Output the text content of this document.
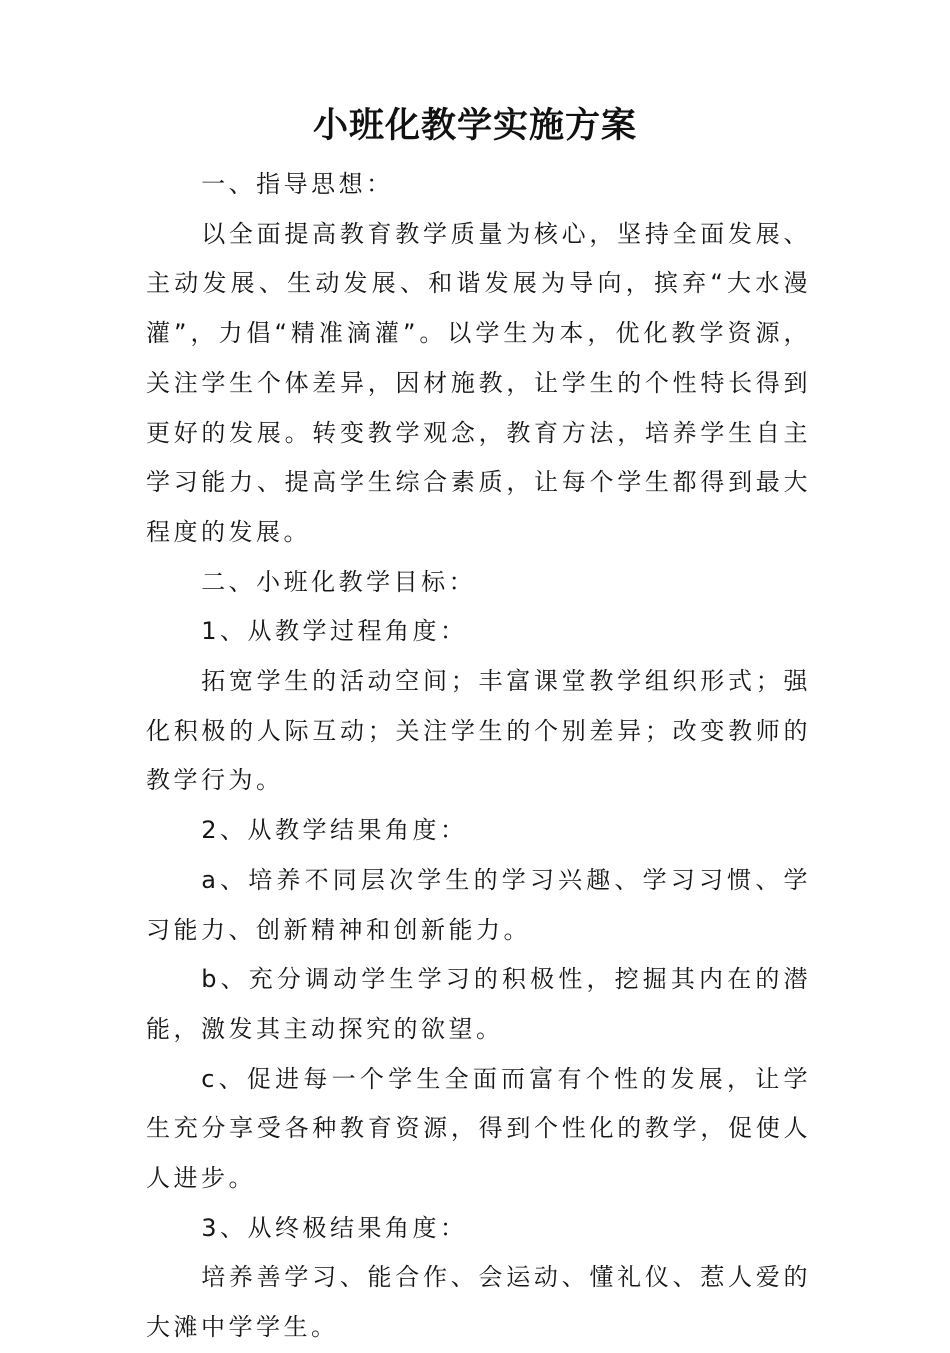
小班化教学实施方案

一、指导思想：

以全面提高教育教学质量为核心，坚持全面发展、主动发展、生动发展、和谐发展为导向，摈弃“大水漫灌”，力倡“精准滴灌”。以学生为本，优化教学资源，关注学生个体差异，因材施教，让学生的个性特长得到更好的发展。转变教学观念，教育方法，培养学生自主学习能力、提高学生综合素质，让每个学生都得到最大程度的发展。

二、小班化教学目标：

1、从教学过程角度：

拓宽学生的活动空间；丰富课堂教学组织形式；强化积极的人际互动；关注学生的个别差异；改变教师的教学行为。

2、从教学结果角度：

a、培养不同层次学生的学习兴趣、学习习惯、学习能力、创新精神和创新能力。

b、充分调动学生学习的积极性，挖掘其内在的潜能，激发其主动探究的欲望。

c、促进每一个学生全面而富有个性的发展，让学生充分享受各种教育资源，得到个性化的教学，促使人人进步。

3、从终极结果角度：

培养善学习、能合作、会运动、懂礼仪、惹人爱的大滩中学学生。
